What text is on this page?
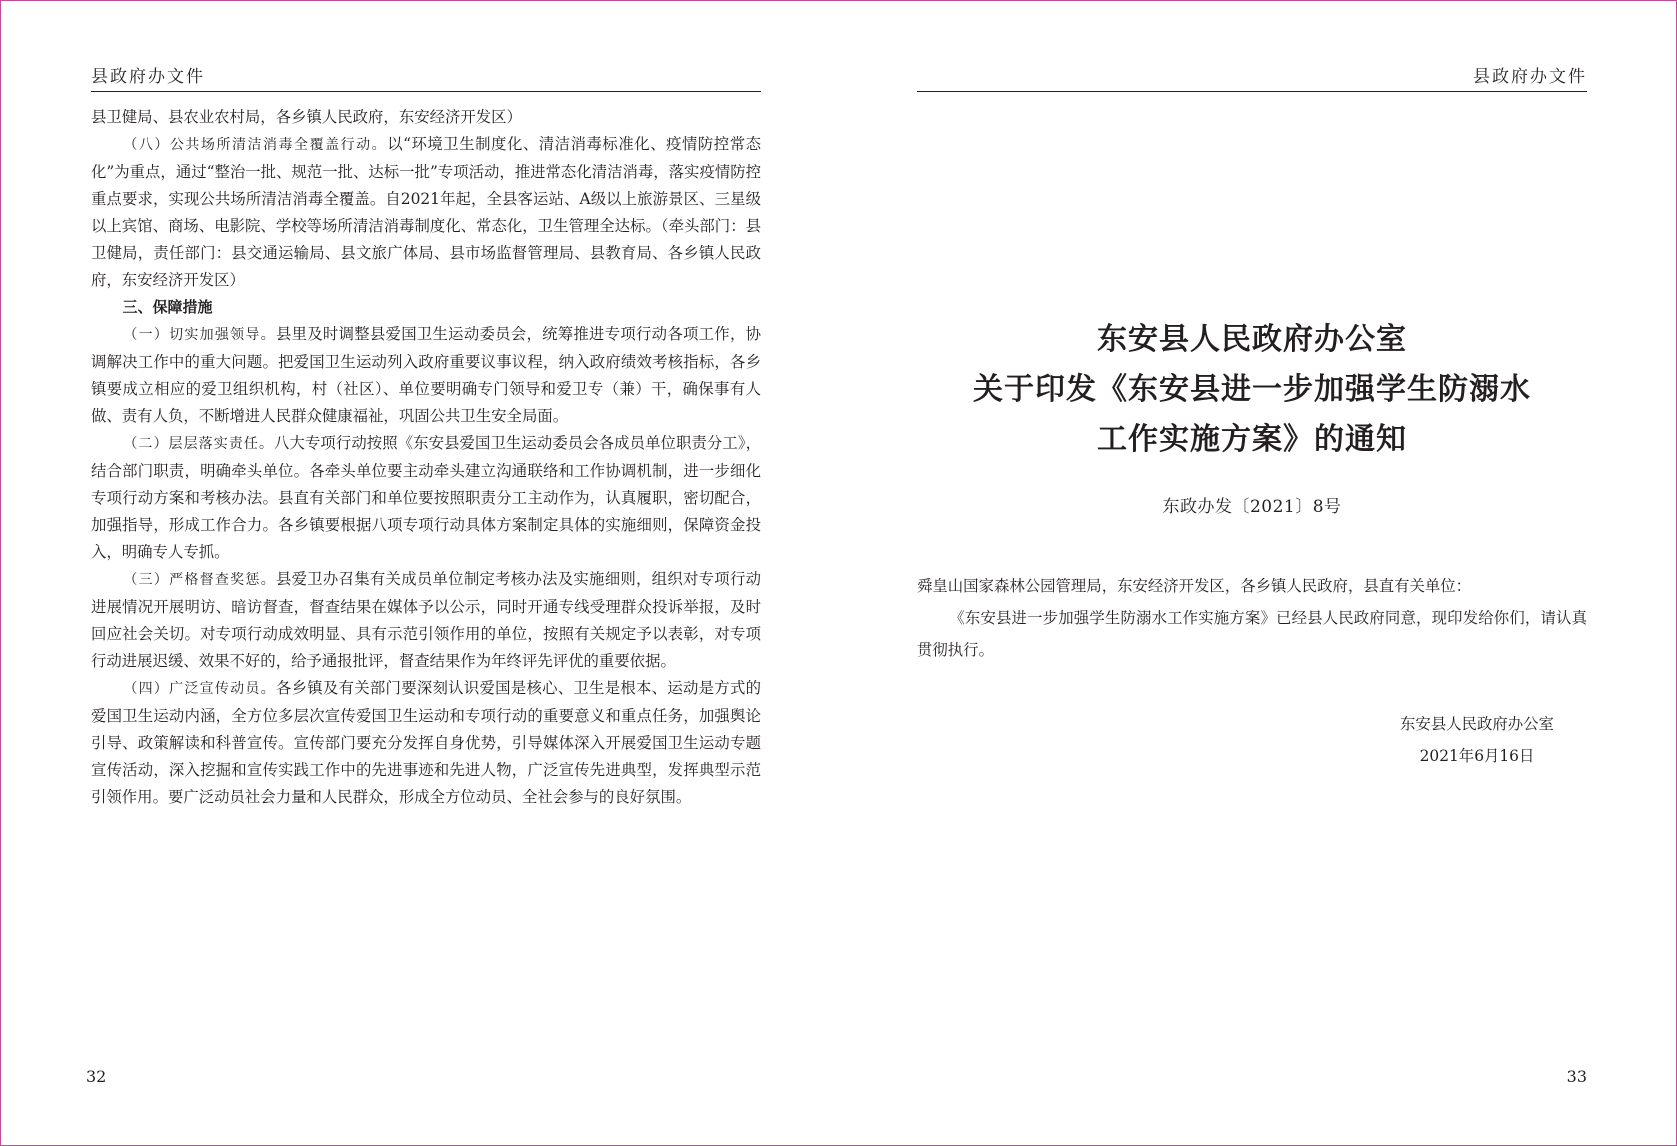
县政府办文件

县卫健局、县农业农村局，各乡镇人民政府，东安经济开发区）

（八）公共场所清洁消毒全覆盖行动。以“环境卫生制度化、清洁消毒标准化、疫情防控常态化”为重点，通过“整治一批、规范一批、达标一批”专项活动，推进常态化清洁消毒，落实疫情防控重点要求，实现公共场所清洁消毒全覆盖。自2021年起，全县客运站、A级以上旅游景区、三星级以上宾馆、商场、电影院、学校等场所清洁消毒制度化、常态化，卫生管理全达标。（牵头部门：县卫健局，责任部门：县交通运输局、县文旅广体局、县市场监督管理局、县教育局、各乡镇人民政府，东安经济开发区）

三、保障措施

（一）切实加强领导。县里及时调整县爱国卫生运动委员会，统筹推进专项行动各项工作，协调解决工作中的重大问题。把爱国卫生运动列入政府重要议事议程，纳入政府绩效考核指标，各乡镇要成立相应的爱卫组织机构，村（社区）、单位要明确专门领导和爱卫专（兼）干，确保事有人做、责有人负，不断增进人民群众健康福祉，巩固公共卫生安全局面。

（二）层层落实责任。八大专项行动按照《东安县爱国卫生运动委员会各成员单位职责分工》，结合部门职责，明确牵头单位。各牵头单位要主动牵头建立沟通联络和工作协调机制，进一步细化专项行动方案和考核办法。县直有关部门和单位要按照职责分工主动作为，认真履职，密切配合，加强指导，形成工作合力。各乡镇要根据八项专项行动具体方案制定具体的实施细则，保障资金投入，明确专人专抓。

（三）严格督查奖惩。县爱卫办召集有关成员单位制定考核办法及实施细则，组织对专项行动进展情况开展明访、暗访督查，督查结果在媒体予以公示，同时开通专线受理群众投诉举报，及时回应社会关切。对专项行动成效明显、具有示范引领作用的单位，按照有关规定予以表彰，对专项行动进展迟缓、效果不好的，给予通报批评，督查结果作为年终评先评优的重要依据。

（四）广泛宣传动员。各乡镇及有关部门要深刻认识爱国是核心、卫生是根本、运动是方式的爱国卫生运动内涵，全方位多层次宣传爱国卫生运动和专项行动的重要意义和重点任务，加强舆论引导、政策解读和科普宣传。宣传部门要充分发挥自身优势，引导媒体深入开展爱国卫生运动专题宣传活动，深入挖掘和宣传实践工作中的先进事迹和先进人物，广泛宣传先进典型，发挥典型示范引领作用。要广泛动员社会力量和人民群众，形成全方位动员、全社会参与的良好氛围。

32
县政府办文件
东安县人民政府办公室
关于印发《东安县进一步加强学生防溺水
工作实施方案》的通知
东政办发〔2021〕8号

舜皇山国家森林公园管理局，东安经济开发区，各乡镇人民政府，县直有关单位：

《东安县进一步加强学生防溺水工作实施方案》已经县人民政府同意，现印发给你们，请认真贯彻执行。

东安县人民政府办公室
2021年6月16日
33
